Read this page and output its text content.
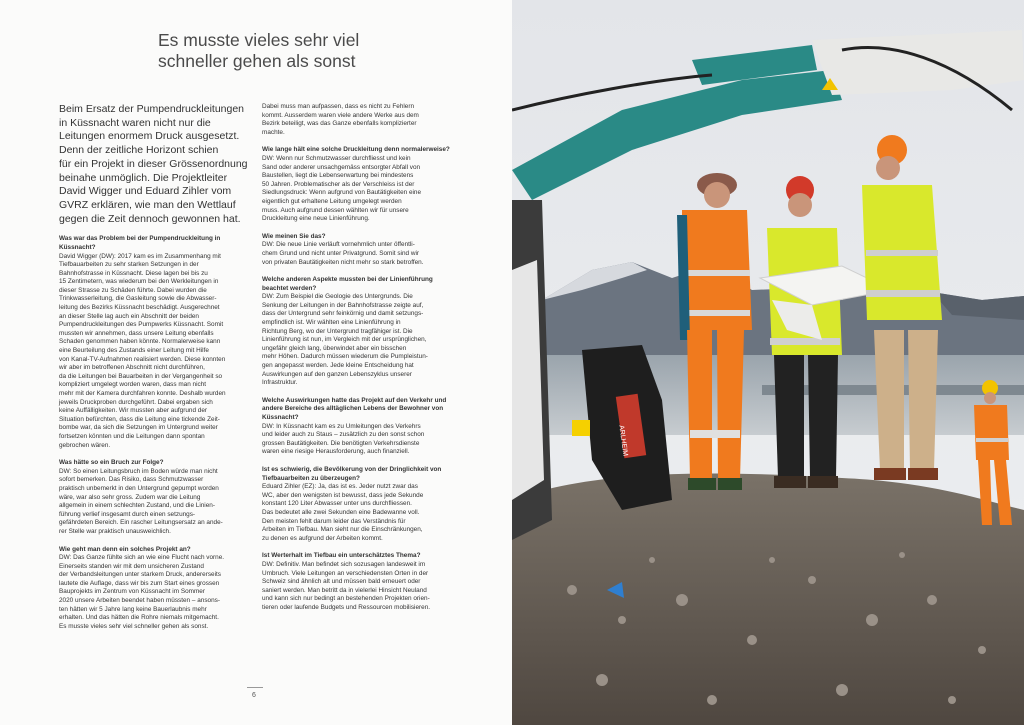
Es musste vieles sehr viel
schneller gehen als sonst

Beim Ersatz der Pumpendruckleitungen
in Küssnacht waren nicht nur die
Leitungen enormem Druck ausgesetzt.
Denn der zeitliche Horizont schien
für ein Projekt in dieser Grössenordnung
beinahe unmöglich. Die Projektleiter
David Wigger und Eduard Zihler vom
GVRZ erklären, wie man den Wettlauf
gegen die Zeit dennoch gewonnen hat.

Was war das Problem bei der Pumpendruckleitung in Küssnacht?

David Wigger (DW): 2017 kam es im Zusammenhang mit
Tiefbauarbeiten zu sehr starken Setzungen in der
Bahnhofstrasse in Küssnacht. Diese lagen bei bis zu
15 Zentimetern, was wiederum bei den Werkleitungen in
dieser Strasse zu Schäden führte. Dabei wurden die
Trinkwasserleitung, die Gasleitung sowie die Abwasser-
leitung des Bezirks Küssnacht beschädigt. Ausgerechnet
an dieser Stelle lag auch ein Abschnitt der beiden
Pumpendruckleitungen des Pumpwerks Küssnacht. Somit
mussten wir annehmen, dass unsere Leitung ebenfalls
Schaden genommen haben könnte. Normalerweise kann
eine Beurteilung des Zustands einer Leitung mit Hilfe
von Kanal-TV-Aufnahmen realisiert werden. Diese konnten
wir aber im betroffenen Abschnitt nicht durchführen,
da die Leitungen bei Bauarbeiten in der Vergangenheit so
kompliziert umgelegt worden waren, dass man nicht
mehr mit der Kamera durchfahren konnte. Deshalb wurden
jeweils Druckproben durchgeführt. Dabei ergaben sich
keine Auffälligkeiten. Wir mussten aber aufgrund der
Situation befürchten, dass die Leitung eine tickende Zeit-
bombe war, da sich die Setzungen im Untergrund weiter
fortsetzen könnten und die Leitungen dann spontan
gebrochen wären.

Was hätte so ein Bruch zur Folge?

DW: So einen Leitungsbruch im Boden würde man nicht
sofort bemerken. Das Risiko, dass Schmutzwasser
praktisch unbemerkt in den Untergrund gepumpt worden
wäre, war also sehr gross. Zudem war die Leitung
allgemein in einem schlechten Zustand, und die Linien-
führung verlief insgesamt durch einen setzungs-
gefährdeten Bereich. Ein rascher Leitungsersatz an ande-
rer Stelle war praktisch unausweichlich.

Wie geht man denn ein solches Projekt an?

DW: Das Ganze fühlte sich an wie eine Flucht nach vorne.
Einerseits standen wir mit dem unsicheren Zustand
der Verbandsleitungen unter starkem Druck, andererseits
lautete die Auflage, dass wir bis zum Start eines grossen
Bauprojekts im Zentrum von Küssnacht im Sommer
2020 unsere Arbeiten beendet haben müssten – ansons-
ten hätten wir 5 Jahre lang keine Bauerlaubnis mehr
erhalten. Und das hätten die Rohre niemals mitgemacht.
Es musste vieles sehr viel schneller gehen als sonst.

Dabei muss man aufpassen, dass es nicht zu Fehlern
kommt. Ausserdem waren viele andere Werke aus dem
Bezirk beteiligt, was das Ganze ebenfalls komplizierter
machte.

Wie lange hält eine solche Druckleitung denn normalerweise?

DW: Wenn nur Schmutzwasser durchfliesst und kein
Sand oder anderer unsachgemäss entsorgter Abfall von
Baustellen, liegt die Lebenserwartung bei mindestens
50 Jahren. Problematischer als der Verschleiss ist der
Siedlungsdruck: Wenn aufgrund von Bautätigkeiten eine
eigentlich gut erhaltene Leitung umgelegt werden
muss. Auch aufgrund dessen wählten wir für unsere
Druckleitung eine neue Linienführung.

Wie meinen Sie das?

DW: Die neue Linie verläuft vornehmlich unter öffentli-
chem Grund und nicht unter Privatgrund. Somit sind wir
von privaten Bautätigkeiten nicht mehr so stark betroffen.

Welche anderen Aspekte mussten bei der Linienführung beachtet werden?

DW: Zum Beispiel die Geologie des Untergrunds. Die
Senkung der Leitungen in der Bahnhofstrasse zeigte auf,
dass der Untergrund sehr feinkörnig und damit setzungs-
empfindlich ist. Wir wählten eine Linienführung in
Richtung Berg, wo der Untergrund tragfähiger ist. Die
Linienführung ist nun, im Vergleich mit der ursprünglichen,
ungefähr gleich lang, überwindet aber ein bisschen
mehr Höhen. Dadurch müssen wiederum die Pumpleistun-
gen angepasst werden. Jede kleine Entscheidung hat
Auswirkungen auf den ganzen Lebenszyklus unserer
Infrastruktur.

Welche Auswirkungen hatte das Projekt auf den Verkehr und andere Bereiche des alltäglichen Lebens der Bewohner von Küssnacht?

DW: In Küssnacht kam es zu Umleitungen des Verkehrs
und leider auch zu Staus – zusätzlich zu den sonst schon
grossen Bautätigkeiten. Die benötigten Verkehrsdienste
waren eine riesige Herausforderung, auch finanziell.

Ist es schwierig, die Bevölkerung von der Dringlichkeit von Tiefbauarbeiten zu überzeugen?

Eduard Zihler (EZ): Ja, das ist es. Jeder nutzt zwar das
WC, aber den wenigsten ist bewusst, dass jede Sekunde
konstant 120 Liter Abwasser unter uns durchfliessen.
Das bedeutet alle zwei Sekunden eine Badewanne voll.
Den meisten fehlt darum leider das Verständnis für
Arbeiten im Tiefbau. Man sieht nur die Einschränkungen,
zu denen es aufgrund der Arbeiten kommt.

Ist Werterhalt im Tiefbau ein unterschätztes Thema?

DW: Definitiv. Man befindet sich sozusagen landesweit im
Umbruch. Viele Leitungen an verschiedensten Orten in der
Schweiz sind ähnlich alt und müssen bald erneuert oder
saniert werden. Man betritt da in vielerlei Hinsicht Neuland
und kann sich nur bedingt an bestehenden Projekten orien-
tieren oder laufende Budgets und Ressourcen mobilisieren.

6
ARLHEIM
